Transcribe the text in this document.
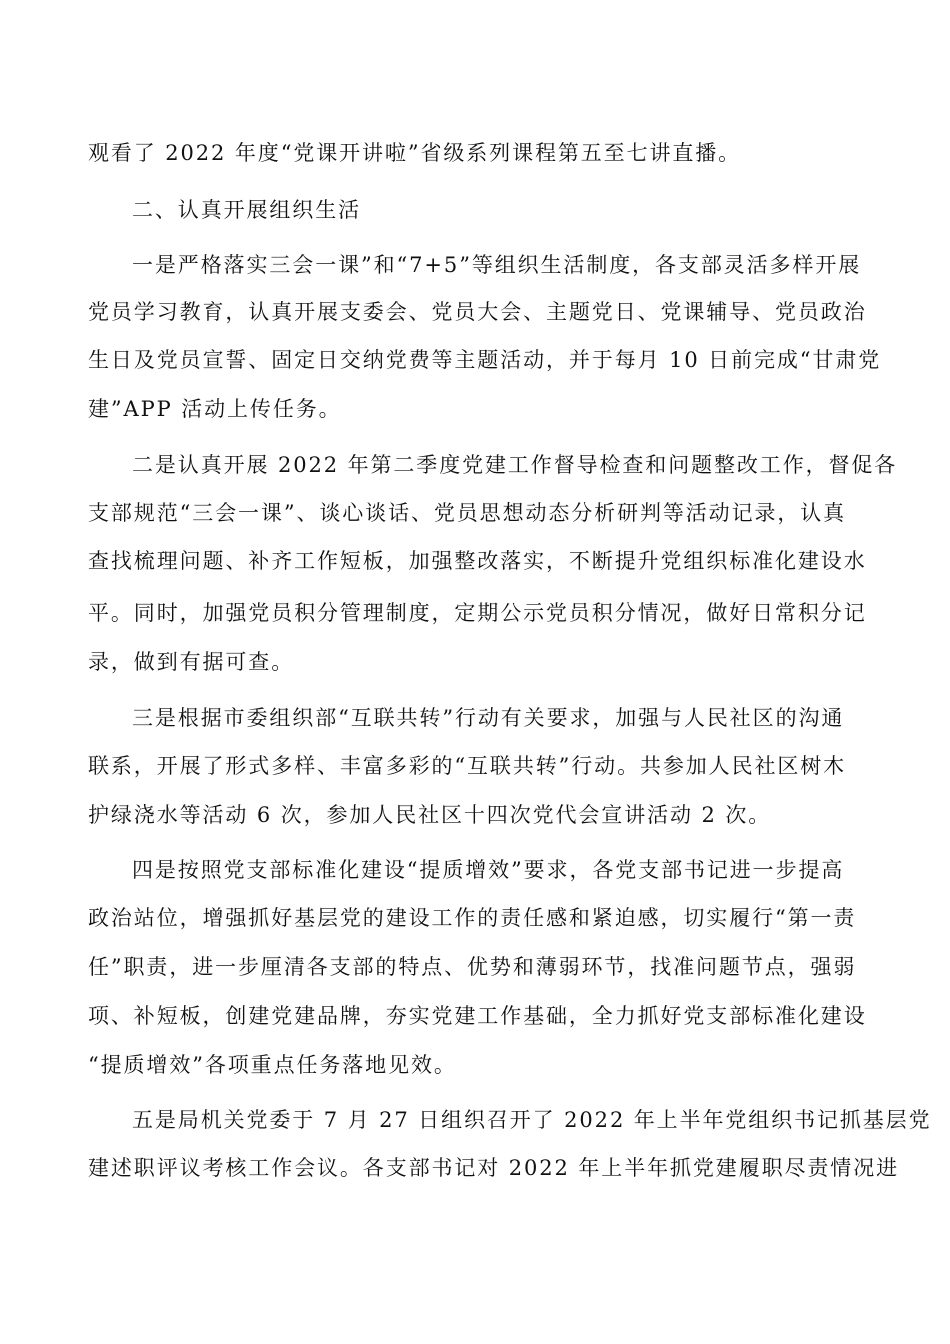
观看了 2022 年度“党课开讲啦”省级系列课程第五至七讲直播。
二、认真开展组织生活
一是严格落实三会一课”和“7+5”等组织生活制度，各支部灵活多样开展
党员学习教育，认真开展支委会、党员大会、主题党日、党课辅导、党员政治
生日及党员宣誓、固定日交纳党费等主题活动，并于每月 10 日前完成“甘肃党
建”APP 活动上传任务。
二是认真开展 2022 年第二季度党建工作督导检查和问题整改工作，督促各
支部规范“三会一课”、谈心谈话、党员思想动态分析研判等活动记录，认真
查找梳理问题、补齐工作短板，加强整改落实，不断提升党组织标准化建设水
平。同时，加强党员积分管理制度，定期公示党员积分情况，做好日常积分记
录，做到有据可查。
三是根据市委组织部“互联共转”行动有关要求，加强与人民社区的沟通
联系，开展了形式多样、丰富多彩的“互联共转”行动。共参加人民社区树木
护绿浇水等活动 6 次，参加人民社区十四次党代会宣讲活动 2 次。
四是按照党支部标准化建设“提质增效”要求，各党支部书记进一步提高
政治站位，增强抓好基层党的建设工作的责任感和紧迫感，切实履行“第一责
任”职责，进一步厘清各支部的特点、优势和薄弱环节，找准问题节点，强弱
项、补短板，创建党建品牌，夯实党建工作基础，全力抓好党支部标准化建设
“提质增效”各项重点任务落地见效。
五是局机关党委于 7 月 27 日组织召开了 2022 年上半年党组织书记抓基层党
建述职评议考核工作会议。各支部书记对 2022 年上半年抓党建履职尽责情况进
